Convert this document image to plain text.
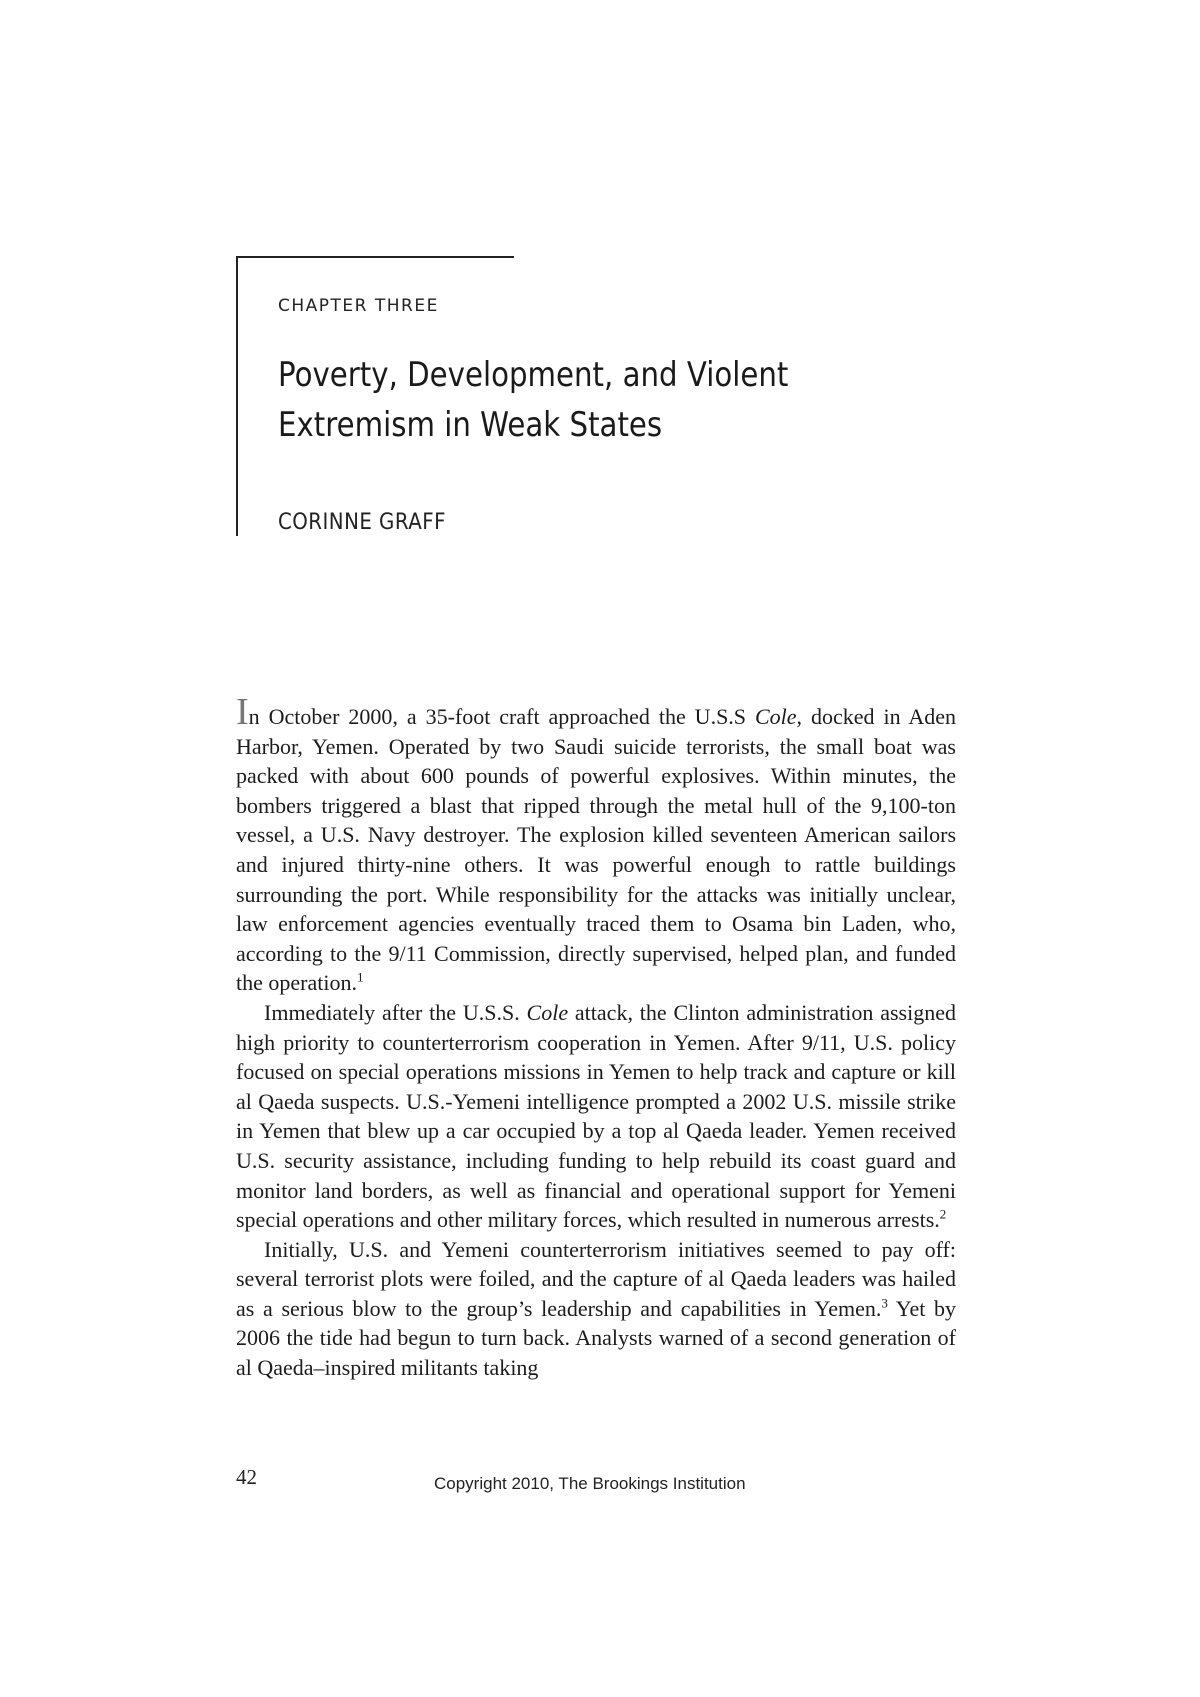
CHAPTER THREE
Poverty, Development, and Violent
Extremism in Weak States
CORINNE GRAFF

In October 2000, a 35-foot craft approached the U.S.S Cole, docked in Aden Harbor, Yemen. Operated by two Saudi suicide terrorists, the small boat was packed with about 600 pounds of powerful explosives. Within minutes, the bombers triggered a blast that ripped through the metal hull of the 9,100-ton vessel, a U.S. Navy destroyer. The explosion killed seventeen American sailors and injured thirty-nine others. It was powerful enough to rattle buildings surrounding the port. While responsibility for the attacks was initially unclear, law enforcement agencies eventually traced them to Osama bin Laden, who, according to the 9/11 Commission, directly supervised, helped plan, and funded the operation.$^1$

Immediately after the U.S.S. Cole attack, the Clinton administration assigned high priority to counterterrorism cooperation in Yemen. After 9/11, U.S. policy focused on special operations missions in Yemen to help track and capture or kill al Qaeda suspects. U.S.-Yemeni intelligence prompted a 2002 U.S. missile strike in Yemen that blew up a car occupied by a top al Qaeda leader. Yemen received U.S. security assistance, including funding to help rebuild its coast guard and monitor land borders, as well as financial and operational support for Yemeni special operations and other military forces, which resulted in numerous arrests.$^2$

Initially, U.S. and Yemeni counterterrorism initiatives seemed to pay off: several terrorist plots were foiled, and the capture of al Qaeda leaders was hailed as a serious blow to the group’s leadership and capabilities in Yemen.$^3$ Yet by 2006 the tide had begun to turn back. Analysts warned of a second generation of al Qaeda–inspired militants taking

42	Copyright 2010, The Brookings Institution
